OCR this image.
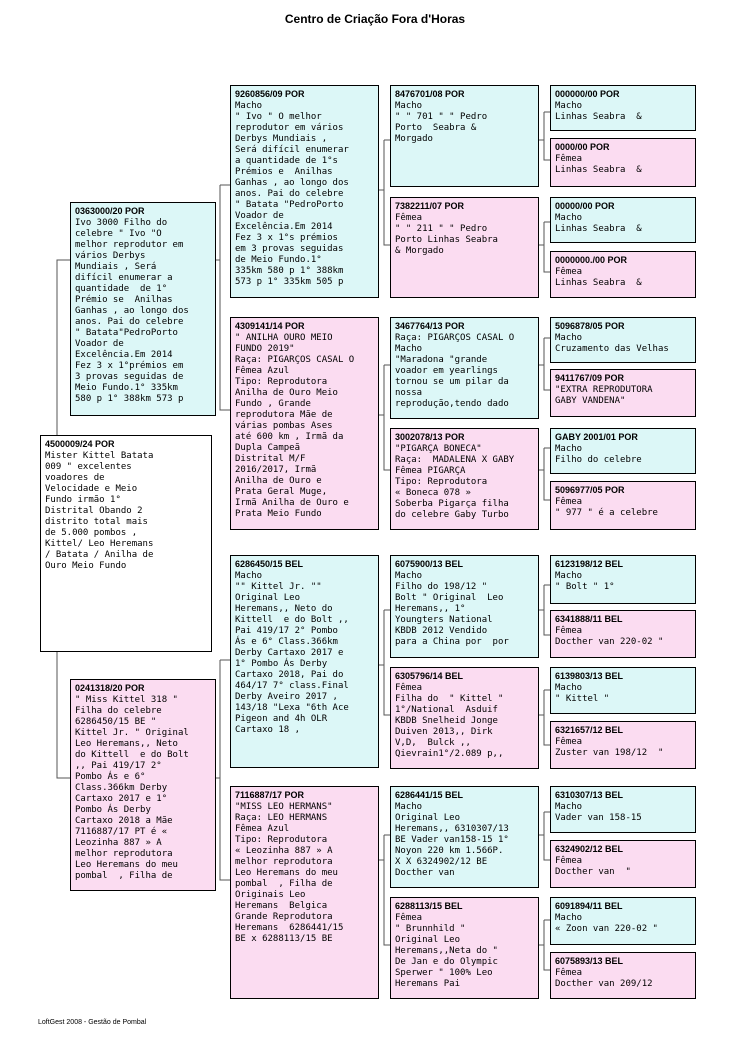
Centro de Criação Fora d'Horas
4500009/24 POR
Mister Kittel Batata
009 " excelentes
voadores de
Velocidade e Meio
Fundo irmão 1°
Distrital Obando 2
distrito total mais
de 5.000 pombos ,
Kittel/ Leo Heremans
/ Batata / Anilha de
Ouro Meio Fundo
0363000/20 POR
Ivo 3000 Filho do
celebre " Ivo "O
melhor reprodutor em
vários Derbys
Mundiais , Será
difícil enumerar a
quantidade  de 1°
Prémio se  Anilhas
Ganhas , ao longo dos
anos. Pai do celebre
" Batata"PedroPorto
Voador de
Excelência.Em 2014
Fez 3 x 1°prémios em
3 provas seguidas de
Meio Fundo.1° 335km
580 p 1° 388km 573 p
0241318/20 POR
" Miss Kittel 318 "
Filha do celebre
6286450/15 BE "
Kittel Jr. " Original
Leo Heremans,, Neto
do Kittell  e do Bolt
,, Pai 419/17 2°
Pombo Ás e 6°
Class.366km Derby
Cartaxo 2017 e 1°
Pombo Ás Derby
Cartaxo 2018 a Mãe
7116887/17 PT é «
Leozinha 887 » A
melhor reprodutora
Leo Heremans do meu
pombal  , Filha de
9260856/09 POR
Macho
" Ivo " O melhor
reprodutor em vários
Derbys Mundiais ,
Será difícil enumerar
a quantidade de 1°s
Prémios e  Anilhas
Ganhas , ao longo dos
anos. Pai do celebre
" Batata "PedroPorto
Voador de
Excelência.Em 2014
Fez 3 x 1°s prémios
em 3 provas seguidas
de Meio Fundo.1°
335km 580 p 1° 388km
573 p 1° 335km 505 p
4309141/14 POR
" ANILHA OURO MEIO
FUNDO 2019"
Raça: PIGARÇOS CASAL O
Fêmea Azul
Tipo: Reprodutora
Anilha de Ouro Meio
Fundo , Grande
reprodutora Mãe de
várias pombas Ases
até 600 km , Irmã da
Dupla Campeã
Distrital M/F
2016/2017, Irmã
Anilha de Ouro e
Prata Geral Muge,
Irmã Anilha de Ouro e
Prata Meio Fundo
6286450/15 BEL
Macho
"" Kittel Jr. ""
Original Leo
Heremans,, Neto do
Kittell  e do Bolt ,,
Pai 419/17 2° Pombo
Ás e 6° Class.366km
Derby Cartaxo 2017 e
1° Pombo Ás Derby
Cartaxo 2018, Pai do
464/17 7° class.Final
Derby Aveiro 2017 ,
143/18 "Lexa "6th Ace
Pigeon and 4h OLR
Cartaxo 18 ,
7116887/17 POR
"MISS LEO HERMANS"
Raça: LEO HERMANS
Fêmea Azul
Tipo: Reprodutora
« Leozinha 887 » A
melhor reprodutora
Leo Heremans do meu
pombal  , Filha de
Originais Leo
Heremans  Belgica
Grande Reprodutora
Heremans  6286441/15
BE x 6288113/15 BE
8476701/08 POR
Macho
" " 701 " " Pedro
Porto  Seabra &
Morgado
7382211/07 POR
Fêmea
" " 211 " " Pedro
Porto Linhas Seabra
& Morgado
3467764/13 POR
Raça: PIGARÇOS CASAL O
Macho
"Maradona "grande
voador em yearlings
tornou se um pilar da
nossa
reprodução,tendo dado
3002078/13 POR
"PIGARÇA BONECA"
Raça:  MADALENA X GABY
Fêmea PIGARÇA
Tipo: Reprodutora
« Boneca 078 »
Soberba Pigarça filha
do celebre Gaby Turbo
6075900/13 BEL
Macho
Filho do 198/12 "
Bolt " Original  Leo
Heremans,, 1°
Youngters National
KBDB 2012 Vendido
para a China por  por
6305796/14 BEL
Fêmea
Filha do  " Kittel "
1°/National  Asduif
KBDB Snelheid Jonge
Duiven 2013,, Dirk
V,D,  Bulck ,,
Qievrain1°/2.089 p,,
6286441/15 BEL
Macho
Original Leo
Heremans,, 6310307/13
BE Vader van158-15 1°
Noyon 220 km 1.566P.
X X 6324902/12 BE
Docther van
6288113/15 BEL
Fêmea
" Brunnhild "
Original Leo
Heremans,,Neta do "
De Jan e do Olympic
Sperwer " 100% Leo
Heremans Pai
000000/00 POR
Macho
Linhas Seabra  &
0000/00 POR
Fêmea
Linhas Seabra  &
00000/00 POR
Macho
Linhas Seabra  &
0000000./00 POR
Fêmea
Linhas Seabra  &
5096878/05 POR
Macho
Cruzamento das Velhas
9411767/09 POR
"EXTRA REPRODUTORA
GABY VANDENA"
GABY 2001/01 POR
Macho
Filho do celebre
5096977/05 POR
Fêmea
" 977 " é a celebre
6123198/12 BEL
Macho
" Bolt " 1°
6341888/11 BEL
Fêmea
Docther van 220-02 "
6139803/13 BEL
Macho
" Kittel "
6321657/12 BEL
Fêmea
Zuster van 198/12  "
6310307/13 BEL
Macho
Vader van 158-15
6324902/12 BEL
Fêmea
Docther van  "
6091894/11 BEL
Macho
« Zoon van 220-02 "
6075893/13 BEL
Fêmea
Docther van 209/12
LoftGest 2008 - Gestão de Pombal
